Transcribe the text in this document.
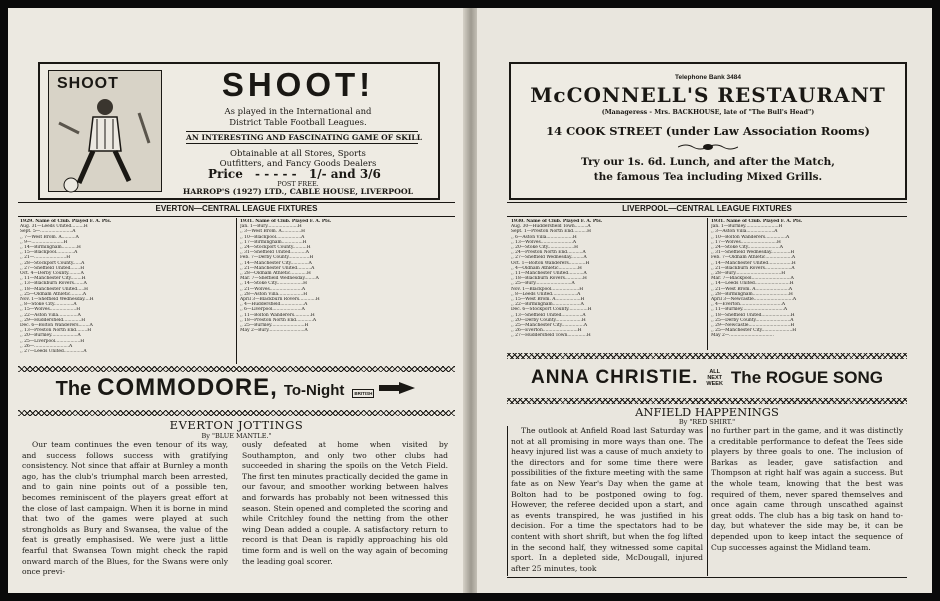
SHOOT	SHOOT!
As played in the International and
District Table Football Leagues.
AN INTERESTING AND FASCINATING GAME OF SKILL
Obtainable at all Stores, Sports
Outfitters, and Fancy Goods Dealers
Price - - - - - 1/- and 3/6
POST FREE.
HARROP'S (1927) LTD., CABLE HOUSE, LIVERPOOL
EVERTON—CENTRAL LEAGUE FIXTURES
1929. Name of Club. Played F. A. Pts.
Aug. 31—Leeds United.........H
Sept. 5—.......................A
,, 7—West Brom. A..........A
,, 9—.......................H
,, 14—Birmingham...........H
,, 15—Blackpool.............A
,, 21—.......................H
,, 28—Stockport County......A
,, 27—Sheffield United.......H
Oct. 4—Derby County.........A
,, 11—Manchester City........H
,, 13—Blackburn Rovers.......A
,, 18—Manchester United.....H
,, 25—Oldham Athletic.........A
Nov. 1—Sheffield Wednesday....H
,, 8—Stoke City..............A
,, 15—Wolves...................H
,, 22—Aston Villa..............A
,, 29—Huddersfield.............H
Dec. 6—Bolton Wanderers........A
,, 13—Preston North End........H
,, 20—Burnley...................A
,, 25—Liverpool..................H
,, 26—.........................A
,, 27—Leeds United..............A
1931. Name of Club. Played F. A. Pts.
Jan. 1—Bury......................H
,, 3—West Brom. A..............H
,, 10—Blackpool..................A
,, 17—Birmingham...............H
,, 24—Stockport County..........H
,, 31—Sheffield United...........A
Feb. 7—Derby County...............H
,, 14—Manchester City.............A
,, 21—Manchester United..........A
,, 28—Oldham Athletic............H
Mar. 7—Sheffield Wednesday........A
,, 14—Stoke City...................H
,, 21—Wolves.......................A
,, 28—Aston Villa..................H
April 3—Blackburn Rovers............H
,, 4—Huddersfield.................A
,, 6—Liverpool.....................A
,, 11—Bolton Wanderers............H
,, 18—Preston North End............A
,, 25—Burnley........................H
May 2—Bury..........................A
The COMMODORE, To-Night	BRITISH
EVERTON JOTTINGS
By "BLUE MANTLE."

Our team continues the even tenour of its way, and success follows success with gratifying consistency. Not since that affair at Burnley a month ago, has the club's triumphal march been arrested, and to gain nine points out of a possible ten, becomes reminiscent of the players great effort at the close of last campaign. When it is borne in mind that two of the games were played at such strongholds as Bury and Swansea, the value of the feat is greatly emphasised. We were just a little fearful that Swansea Town might check the rapid onward march of the Blues, for the Swans were only once previ-

ously defeated at home when visited by Southampton, and only two other clubs had succeeded in sharing the spoils on the Vetch Field. The first ten minutes practically decided the game in our favour, and smoother working between halves and forwards has probably not been witnessed this season. Stein opened and completed the scoring and while Critchley found the netting from the other wing Dean added a couple. A satisfactory return to record is that Dean is rapidly approaching his old time form and is well on the way again of becoming the leading goal scorer.

Telephone Bank 3484
McCONNELL'S RESTAURANT
(Manageress - Mrs. BACKHOUSE, late of "The Bull's Head")
14 COOK STREET (under Law Association Rooms)
Try our 1s. 6d. Lunch, and after the Match,
the famous Tea including Mixed Grills.
LIVERPOOL—CENTRAL LEAGUE FIXTURES
1930. Name of Club. Played F. A. Pts.
Aug. 30—Huddersfield Town.........A
Sept. 1—Preston North End..........H
,, 6—Aston Villa...................H
,, 13—Wolves.......................A
,, 20—Stoke City...................H
,, 24—Preston North End...........A
,, 27—Sheffield Wednesday.........A
Oct. 1—Bolton Wanderers............H
,, 4—Oldham Athletic..............H
,, 11—Manchester United...........A
,, 18—Blackburn Rovers.............H
,, 25—Bury..........................A
Nov. 1—Blackpool....................H
,, 8—Leeds United..................A
,, 15—West Brom. A..................H
,, 22—Birmingham....................A
Dec. 6—Stockport County..............H
,, 13—Sheffield United...............A
,, 20—Derby County...................H
,, 25—Manchester City................A
,, 26—Everton.........................H
,, 27—Huddersfield Town..............H
1931. Name of Club. Played F. A. Pts.
Jan. 1—Burnley........................H
,, 3—Aston Villa....................A
,, 10—Bolton Wanderers...............A
,, 17—Wolves..........................H
,, 24—Stoke City.......................A
,, 31—Sheffield Wednesday..............H
Feb. 7—Oldham Athletic...................A
,, 14—Manchester United.................H
,, 21—Blackburn Rovers...................A
,, 28—Bury.................................H
Mar. 7—Blackpool............................A
,, 14—Leeds United.........................H
,, 21—West Brom. A........................A
,, 28—Birmingham..........................H
April 3—Newcastle............................A
,, 4—Everton..............................A
,, 11—Burnley..............................A
,, 18—Sheffield United.....................H
,, 25—Derby County.........................A
,, 29—Newcastle..............................H
,, 25—Manchester City......................H
May 2—................................
ANNA CHRISTIE. ALL
NEXT
WEEK The ROGUE SONG
ANFIELD HAPPENINGS
By "RED SHIRT."

The outlook at Anfield Road last Saturday was not at all promising in more ways than one. The heavy injured list was a cause of much anxiety to the directors and for some time there were possibilities of the fixture meeting with the same fate as on New Year's Day when the game at Bolton had to be postponed owing to fog. However, the referee decided upon a start, and as events transpired, he was justified in his decision. For a time the spectators had to be content with short shrift, but when the fog lifted in the second half, they witnessed some capital sport. In a depleted side, McDougall, injured after 25 minutes, took

no further part in the game, and it was distinctly a creditable performance to defeat the Tees side players by three goals to one. The inclusion of Barkas as leader, gave satisfaction and Thompson at right half was again a success. But the whole team, knowing that the best was required of them, never spared themselves and once again came through unscathed against great odds. The club has a big task on hand to-day, but whatever the side may be, it can be depended upon to keep intact the sequence of Cup successes against the Midland team.
